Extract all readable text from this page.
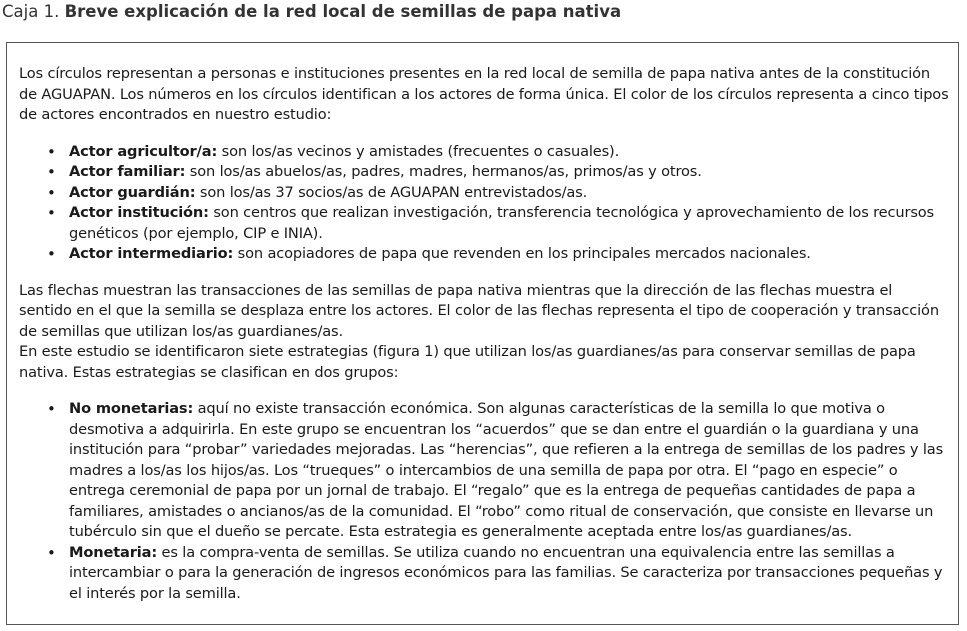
Caja 1. Breve explicación de la red local de semillas de papa nativa

Los círculos representan a personas e instituciones presentes en la red local de semilla de papa nativa antes de la constitución de AGUAPAN. Los números en los círculos identifican a los actores de forma única. El color de los círculos representa a cinco tipos de actores encontrados en nuestro estudio:

• Actor agricultor/a: son los/as vecinos y amistades (frecuentes o casuales).
• Actor familiar: son los/as abuelos/as, padres, madres, hermanos/as, primos/as y otros.
• Actor guardián: son los/as 37 socios/as de AGUAPAN entrevistados/as.
• Actor institución: son centros que realizan investigación, transferencia tecnológica y aprovechamiento de los recursos genéticos (por ejemplo, CIP e INIA).
• Actor intermediario: son acopiadores de papa que revenden en los principales mercados nacionales.

Las flechas muestran las transacciones de las semillas de papa nativa mientras que la dirección de las flechas muestra el sentido en el que la semilla se desplaza entre los actores. El color de las flechas representa el tipo de cooperación y transacción de semillas que utilizan los/as guardianes/as.

En este estudio se identificaron siete estrategias (figura 1) que utilizan los/as guardianes/as para conservar semillas de papa nativa. Estas estrategias se clasifican en dos grupos:

• No monetarias: aquí no existe transacción económica. Son algunas características de la semilla lo que motiva o desmotiva a adquirirla. En este grupo se encuentran los “acuerdos” que se dan entre el guardián o la guardiana y una institución para “probar” variedades mejoradas. Las “herencias”, que refieren a la entrega de semillas de los padres y las madres a los/as los hijos/as. Los “trueques” o intercambios de una semilla de papa por otra. El “pago en especie” o entrega ceremonial de papa por un jornal de trabajo. El “regalo” que es la entrega de pequeñas cantidades de papa a familiares, amistades o ancianos/as de la comunidad. El “robo” como ritual de conservación, que consiste en llevarse un tubérculo sin que el dueño se percate. Esta estrategia es generalmente aceptada entre los/as guardianes/as.
• Monetaria: es la compra-venta de semillas. Se utiliza cuando no encuentran una equivalencia entre las semillas a intercambiar o para la generación de ingresos económicos para las familias. Se caracteriza por transacciones pequeñas y el interés por la semilla.
